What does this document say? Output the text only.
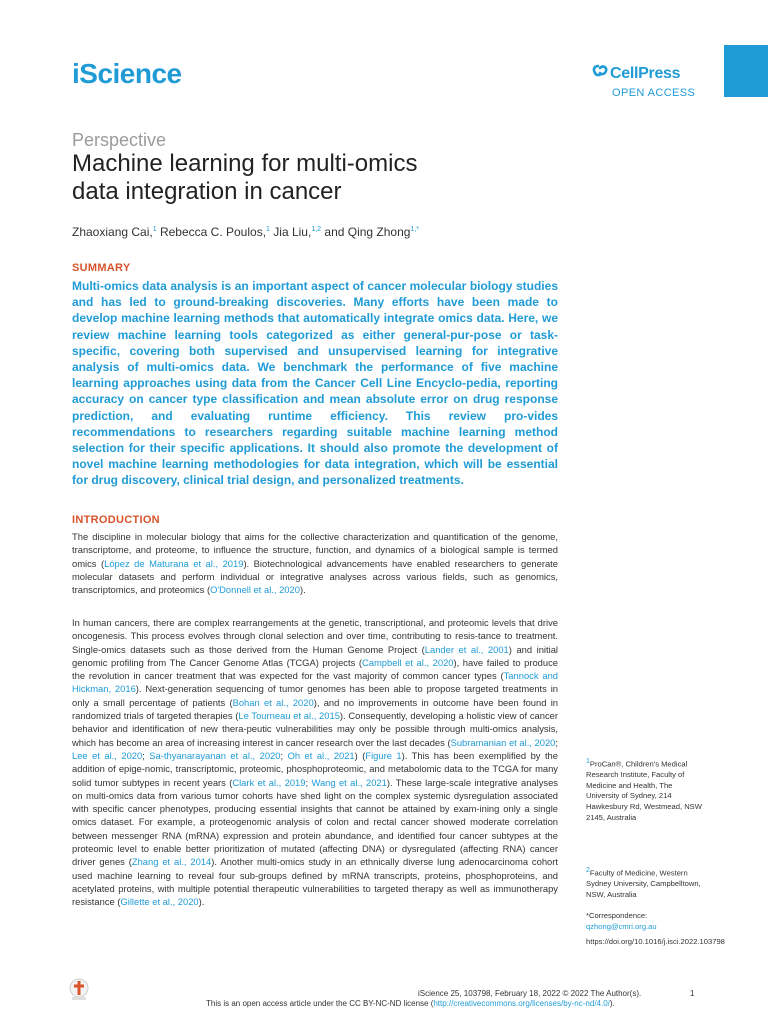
iScience	CellPress
OPEN ACCESS
Perspective
Machine learning for multi-omics
data integration in cancer
Zhaoxiang Cai,$^1$ Rebecca C. Poulos,$^1$ Jia Liu,$^{1,2}$ and Qing Zhong$^{1,*}$
SUMMARY

Multi-omics data analysis is an important aspect of cancer molecular biology studies and has led to ground-breaking discoveries. Many efforts have been made to develop machine learning methods that automatically integrate omics data. Here, we review machine learning tools categorized as either general-pur-pose or task-specific, covering both supervised and unsupervised learning for integrative analysis of multi-omics data. We benchmark the performance of five machine learning approaches using data from the Cancer Cell Line Encyclo-pedia, reporting accuracy on cancer type classification and mean absolute error on drug response prediction, and evaluating runtime efficiency. This review pro-vides recommendations to researchers regarding suitable machine learning method selection for their specific applications. It should also promote the development of novel machine learning methodologies for data integration, which will be essential for drug discovery, clinical trial design, and personalized treatments.

INTRODUCTION

The discipline in molecular biology that aims for the collective characterization and quantification of the genome, transcriptome, and proteome, to influence the structure, function, and dynamics of a biological sample is termed omics (López de Maturana et al., 2019). Biotechnological advancements have enabled researchers to generate molecular datasets and perform individual or integrative analyses across various fields, such as genomics, transcriptomics, and proteomics (O'Donnell et al., 2020).

In human cancers, there are complex rearrangements at the genetic, transcriptional, and proteomic levels that drive oncogenesis. This process evolves through clonal selection and over time, contributing to resis-tance to treatment. Single-omics datasets such as those derived from the Human Genome Project (Lander et al., 2001) and initial genomic profiling from The Cancer Genome Atlas (TCGA) projects (Campbell et al., 2020), have failed to produce the revolution in cancer treatment that was expected for the vast majority of common cancer types (Tannock and Hickman, 2016). Next-generation sequencing of tumor genomes has been able to propose targeted treatments in only a small percentage of patients (Bohan et al., 2020), and no improvements in outcome have been found in randomized trials of targeted therapies (Le Tourneau et al., 2015). Consequently, developing a holistic view of cancer behavior and identification of new thera-peutic vulnerabilities may only be possible through multi-omics analysis, which has become an area of increasing interest in cancer research over the last decades (Subramanian et al., 2020; Lee et al., 2020; Sa-thyanarayanan et al., 2020; Oh et al., 2021) (Figure 1). This has been exemplified by the addition of epige-nomic, transcriptomic, proteomic, phosphoproteomic, and metabolomic data to the TCGA for many solid tumor subtypes in recent years (Clark et al., 2019; Wang et al., 2021). These large-scale integrative analyses on multi-omics data from various tumor cohorts have shed light on the complex systemic dysregulation associated with specific cancer phenotypes, producing essential insights that cannot be attained by exam-ining only a single omics dataset. For example, a proteogenomic analysis of colon and rectal cancer showed moderate correlation between messenger RNA (mRNA) expression and protein abundance, and identified four cancer subtypes at the proteomic level to enable better prioritization of mutated (affecting DNA) or dysregulated (affecting RNA) cancer driver genes (Zhang et al., 2014). Another multi-omics study in an ethnically diverse lung adenocarcinoma cohort used machine learning to reveal four sub-groups defined by mRNA transcripts, proteins, phosphoproteins, and acetylated proteins, with multiple potential therapeutic vulnerabilities to targeted therapy as well as immunotherapy resistance (Gillette et al., 2020).

$^1$ProCan®, Children's Medical Research Institute, Faculty of Medicine and Health, The University of Sydney, 214 Hawkesbury Rd, Westmead, NSW 2145, Australia
$^2$Faculty of Medicine, Western Sydney University, Campbelltown, NSW, Australia
*Correspondence:
qzhong@cmri.org.au
https://doi.org/10.1016/j.isci.2022.103798
iScience 25, 103798, February 18, 2022 © 2022 The Author(s).	1
This is an open access article under the CC BY-NC-ND license (http://creativecommons.org/licenses/by-nc-nd/4.0/).
